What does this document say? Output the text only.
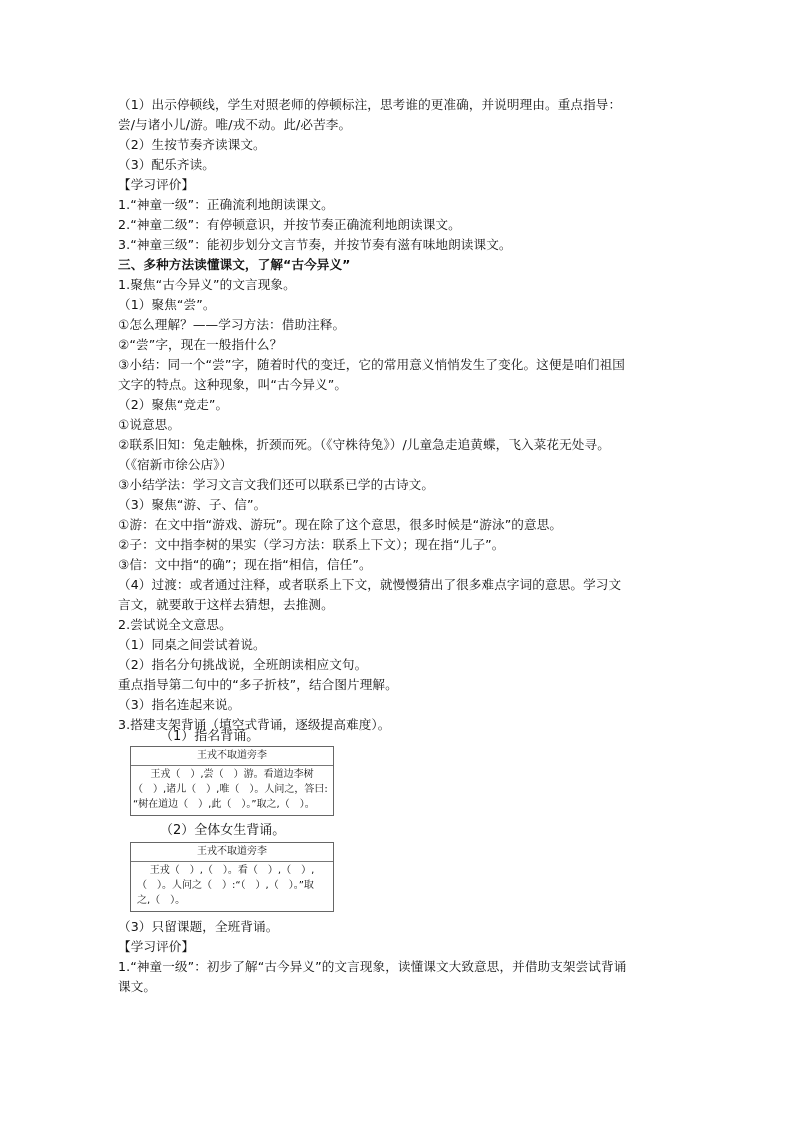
（1）出示停顿线，学生对照老师的停顿标注，思考谁的更准确，并说明理由。重点指导：
尝/与诸小儿/游。唯/戎不动。此/必苦李。
（2）生按节奏齐读课文。
（3）配乐齐读。
【学习评价】
1.“神童一级”：正确流利地朗读课文。
2.“神童二级”：有停顿意识，并按节奏正确流利地朗读课文。
3.“神童三级”：能初步划分文言节奏，并按节奏有滋有味地朗读课文。
三、多种方法读懂课文，了解“古今异义”
1.聚焦“古今异义”的文言现象。
（1）聚焦“尝”。
①怎么理解？——学习方法：借助注释。
②“尝”字，现在一般指什么？
③小结：同一个“尝”字，随着时代的变迁，它的常用意义悄悄发生了变化。这便是咱们祖国
文字的特点。这种现象，叫“古今异义”。
（2）聚焦“竞走”。
①说意思。
②联系旧知：兔走触株，折颈而死。（《守株待兔》）/儿童急走追黄蝶，飞入菜花无处寻。
（《宿新市徐公店》）
③小结学法：学习文言文我们还可以联系已学的古诗文。
（3）聚焦“游、子、信”。
①游：在文中指“游戏、游玩”。现在除了这个意思，很多时候是“游泳”的意思。
②子：文中指李树的果实（学习方法：联系上下文）；现在指“儿子”。
③信：文中指“的确”；现在指“相信，信任”。
（4）过渡：或者通过注释，或者联系上下文，就慢慢猜出了很多难点字词的意思。学习文
言文，就要敢于这样去猜想，去推测。
2.尝试说全文意思。
（1）同桌之间尝试着说。
（2）指名分句挑战说，全班朗读相应文句。
重点指导第二句中的“多子折枝”，结合图片理解。
（3）指名连起来说。
3.搭建支架背诵（填空式背诵，逐级提高难度）。
（1）指名背诵。
王戎不取道旁李
王戎（　）,尝（　）游。看道边李树
（　）,诸儿（　）,唯（　）。人问之，答曰:
“树在道边（　）,此（　）。”取之,（　）。
（2）全体女生背诵。
王戎不取道旁李
王戎（　）,（　）。看（　）,（　）,
（　）。人问之（　）:“（　）,（　）。”取
之,（　）。
（3）只留课题，全班背诵。
【学习评价】
1.“神童一级”：初步了解“古今异义”的文言现象，读懂课文大致意思，并借助支架尝试背诵
课文。
